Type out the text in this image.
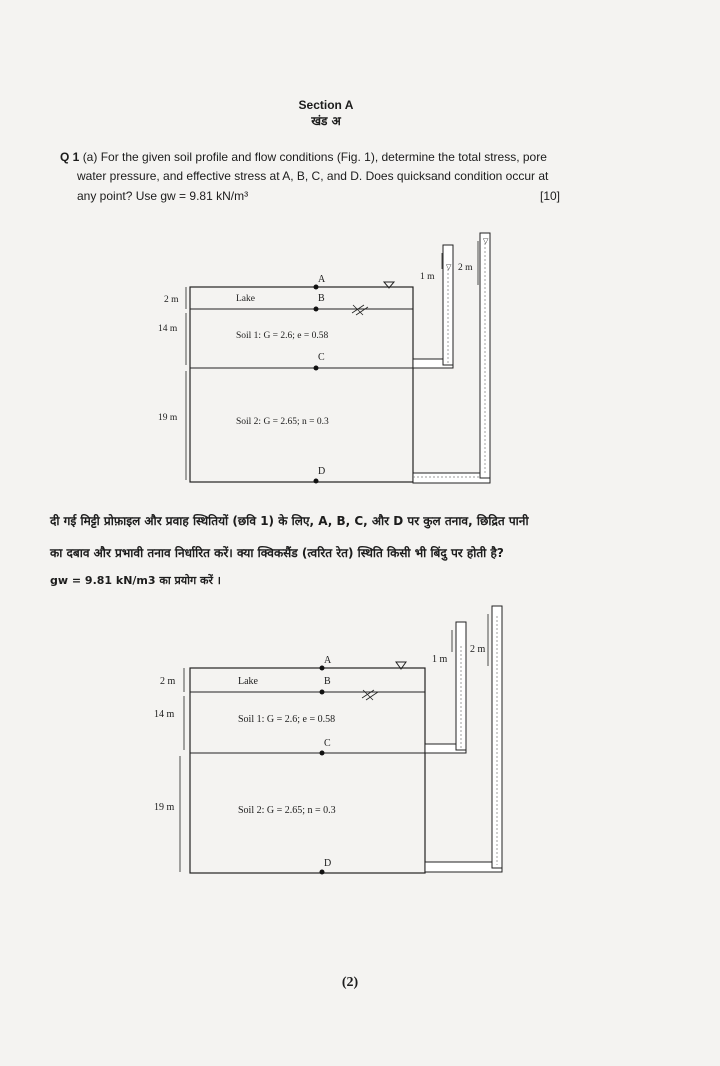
Section A
खंड अ
Q 1 (a) For the given soil profile and flow conditions (Fig. 1), determine the total stress, pore
water pressure, and effective stress at A, B, C, and D. Does quicksand condition occur at
any point? Use gw = 9.81 kN/m³	[10]
▽
▽
A
B
C
D
Lake
Soil 1: G = 2.6; e = 0.58
Soil 2: G = 2.65; n = 0.3
2 m
14 m
19 m
1 m
2 m
दी गई मिट्टी प्रोफ़ाइल और प्रवाह स्थितियों (छवि 1) के लिए, A, B, C, और D पर कुल तनाव, छिद्रित पानी
का दबाव और प्रभावी तनाव निर्धारित करें। क्या क्विकसैंड (त्वरित रेत) स्थिति किसी भी बिंदु पर होती है?
gw = 9.81 kN/m3 का प्रयोग करें ।
A
B
C
D
Lake
Soil 1: G = 2.6; e = 0.58
Soil 2: G = 2.65; n = 0.3
2 m
14 m
19 m
1 m
2 m
(2)
